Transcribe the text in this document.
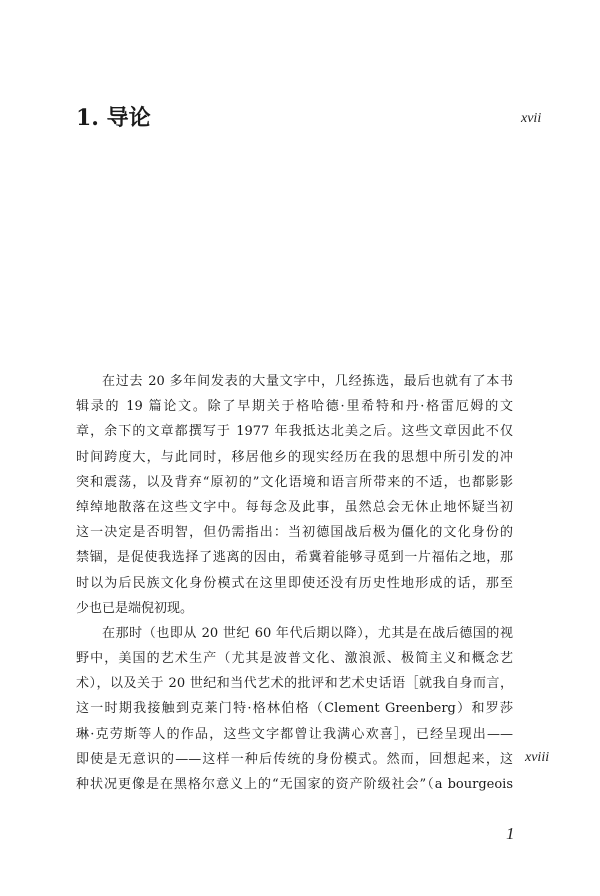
1. 导论	xvii
在过去 20 多年间发表的大量文字中，几经拣选，最后也就有了本书
辑录的 19 篇论文。除了早期关于格哈德·里希特和丹·格雷厄姆的文
章，余下的文章都撰写于 1977 年我抵达北美之后。这些文章因此不仅
时间跨度大，与此同时，移居他乡的现实经历在我的思想中所引发的冲
突和震荡，以及背弃“原初的”文化语境和语言所带来的不适，也都影影
绰绰地散落在这些文字中。每每念及此事，虽然总会无休止地怀疑当初
这一决定是否明智，但仍需指出：当初德国战后极为僵化的文化身份的
禁锢，是促使我选择了逃离的因由，希冀着能够寻觅到一片福佑之地，那
时以为后民族文化身份模式在这里即使还没有历史性地形成的话，那至
少也已是端倪初现。
在那时（也即从 20 世纪 60 年代后期以降），尤其是在战后德国的视
野中，美国的艺术生产（尤其是波普文化、激浪派、极简主义和概念艺
术），以及关于 20 世纪和当代艺术的批评和艺术史话语［就我自身而言，
这一时期我接触到克莱门特·格林伯格（Clement Greenberg）和罗莎
琳·克劳斯等人的作品，这些文字都曾让我满心欢喜］，已经呈现出——
即使是无意识的——这样一种后传统的身份模式。然而，回想起来，这
种状况更像是在黑格尔意义上的“无国家的资产阶级社会”（a bourgeois
xviii
1
